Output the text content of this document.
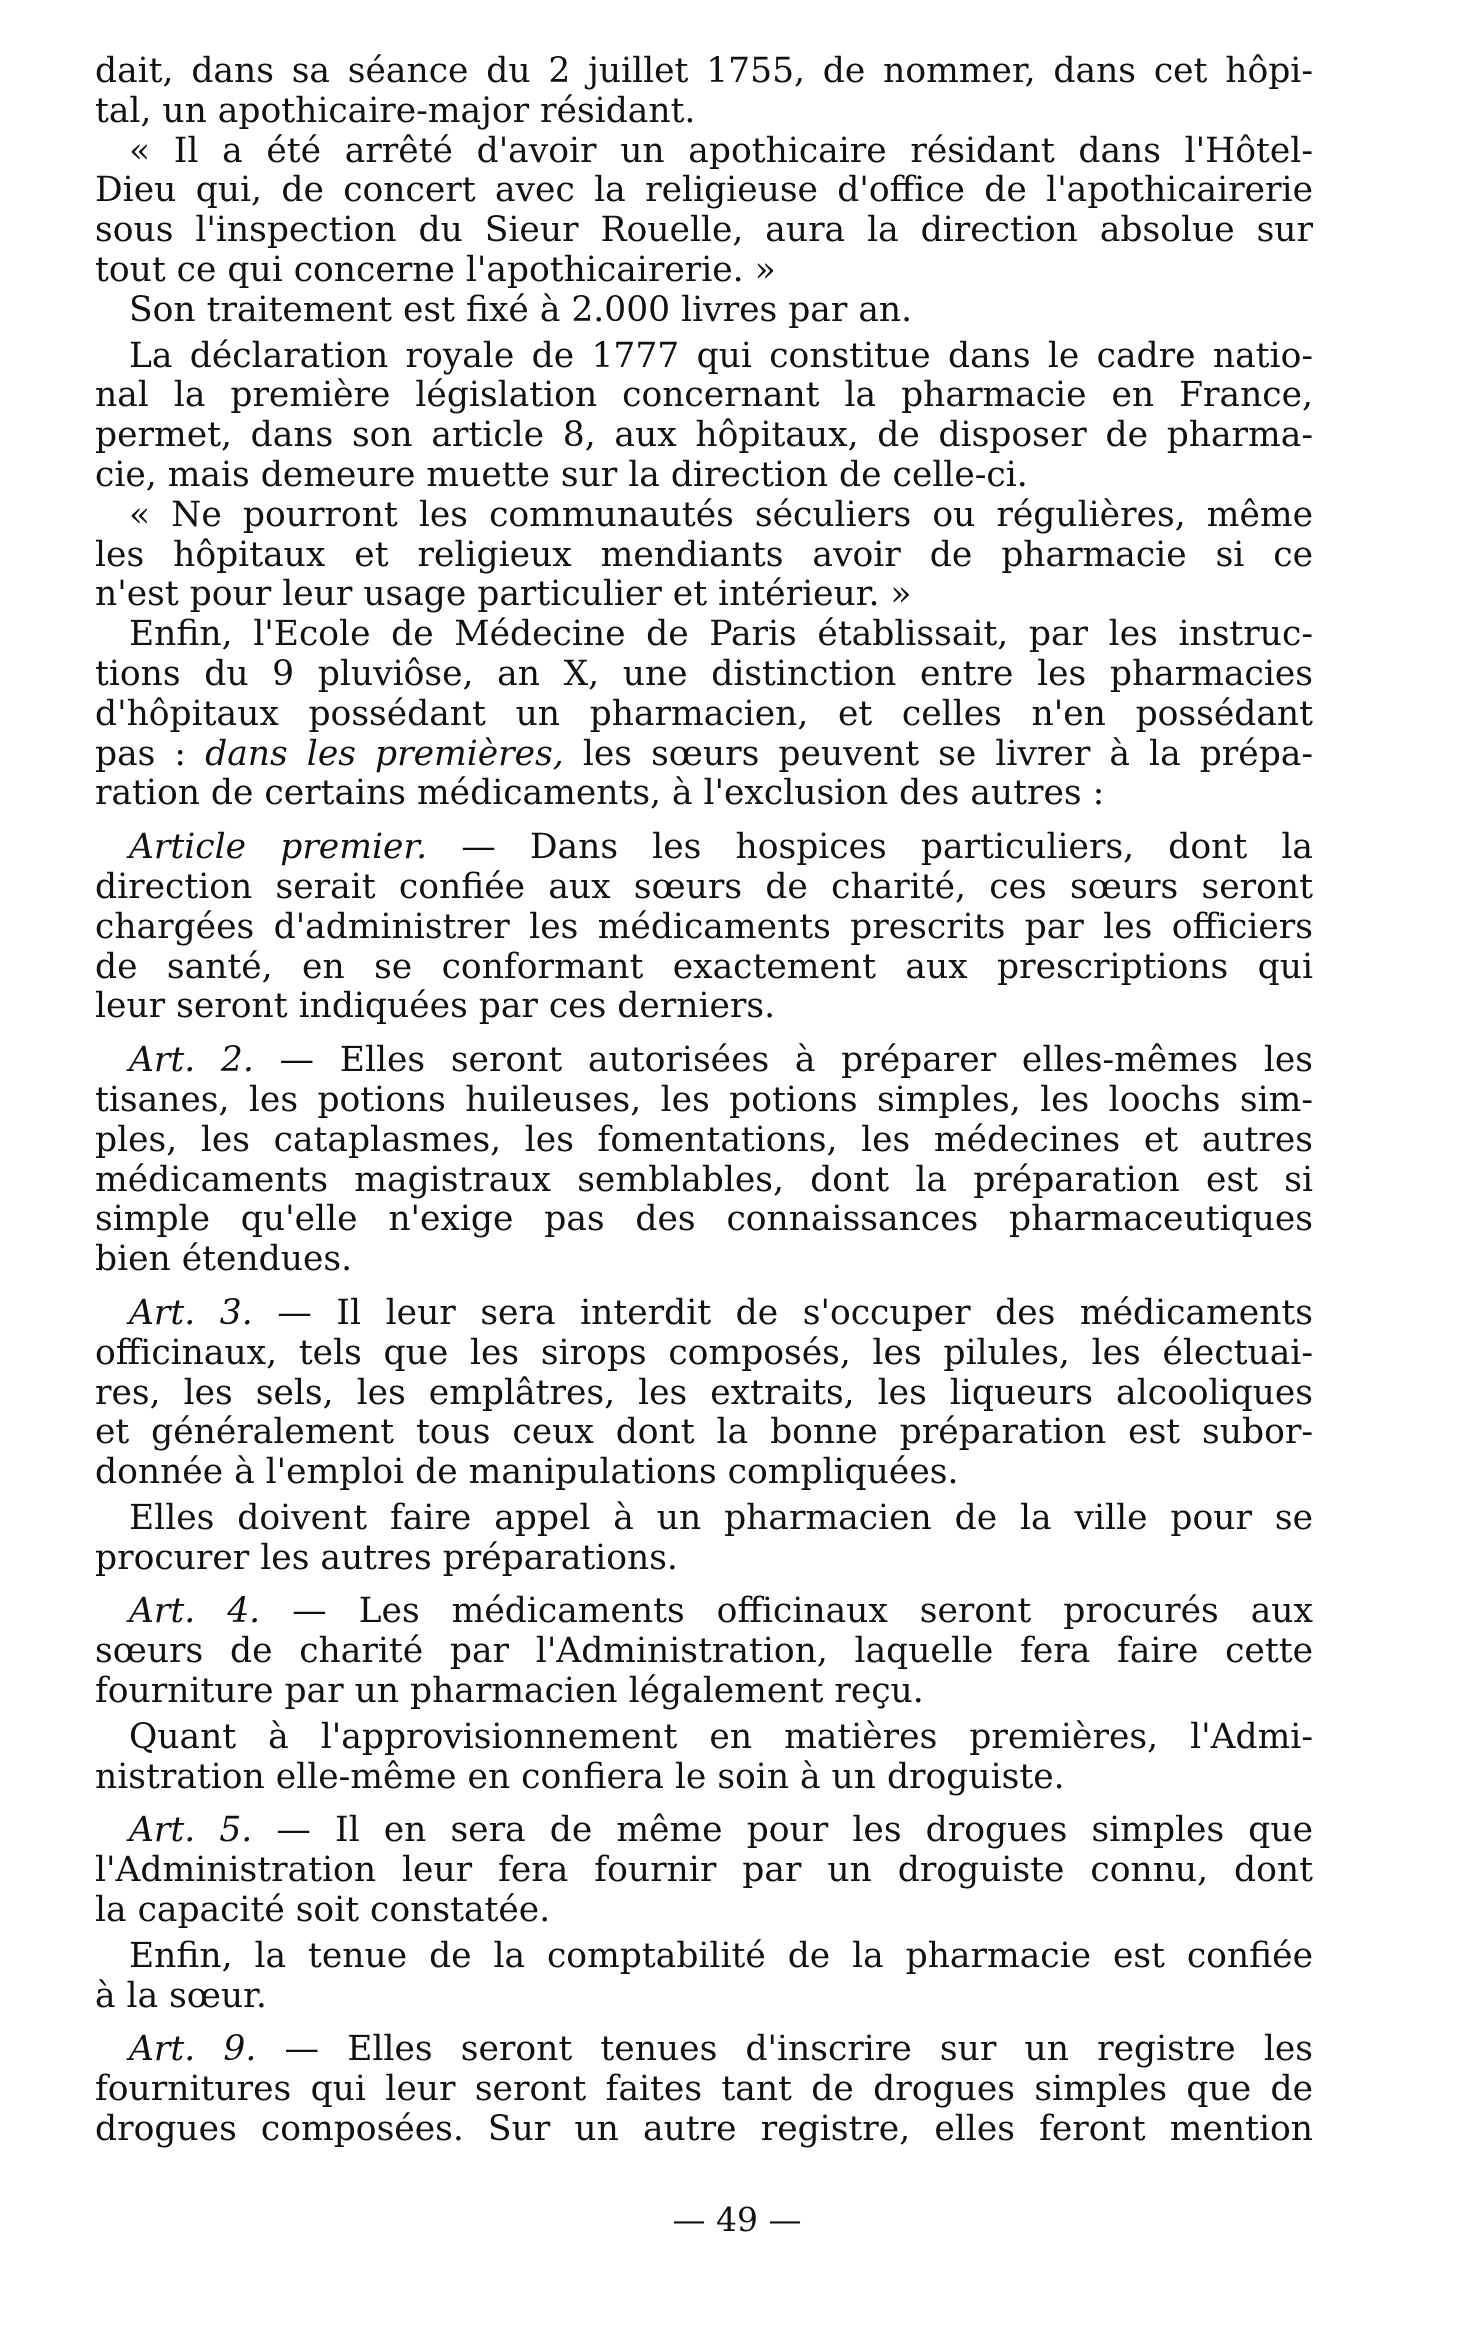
dait, dans sa séance du 2 juillet 1755, de nommer, dans cet hôpi-
tal, un apothicaire-major résidant.

« Il a été arrêté d'avoir un apothicaire résidant dans l'Hôtel-
Dieu qui, de concert avec la religieuse d'office de l'apothicairerie
sous l'inspection du Sieur Rouelle, aura la direction absolue sur
tout ce qui concerne l'apothicairerie. »

Son traitement est fixé à 2.000 livres par an.

La déclaration royale de 1777 qui constitue dans le cadre natio-
nal la première législation concernant la pharmacie en France,
permet, dans son article 8, aux hôpitaux, de disposer de pharma-
cie, mais demeure muette sur la direction de celle-ci.

« Ne pourront les communautés séculiers ou régulières, même
les hôpitaux et religieux mendiants avoir de pharmacie si ce
n'est pour leur usage particulier et intérieur. »

Enfin, l'Ecole de Médecine de Paris établissait, par les instruc-
tions du 9 pluviôse, an X, une distinction entre les pharmacies
d'hôpitaux possédant un pharmacien, et celles n'en possédant
pas : dans les premières, les sœurs peuvent se livrer à la prépa-
ration de certains médicaments, à l'exclusion des autres :

Article premier. — Dans les hospices particuliers, dont la
direction serait confiée aux sœurs de charité, ces sœurs seront
chargées d'administrer les médicaments prescrits par les officiers
de santé, en se conformant exactement aux prescriptions qui
leur seront indiquées par ces derniers.

Art. 2. — Elles seront autorisées à préparer elles-mêmes les
tisanes, les potions huileuses, les potions simples, les loochs sim-
ples, les cataplasmes, les fomentations, les médecines et autres
médicaments magistraux semblables, dont la préparation est si
simple qu'elle n'exige pas des connaissances pharmaceutiques
bien étendues.

Art. 3. — Il leur sera interdit de s'occuper des médicaments
officinaux, tels que les sirops composés, les pilules, les électuai-
res, les sels, les emplâtres, les extraits, les liqueurs alcooliques
et généralement tous ceux dont la bonne préparation est subor-
donnée à l'emploi de manipulations compliquées.

Elles doivent faire appel à un pharmacien de la ville pour se
procurer les autres préparations.

Art. 4. — Les médicaments officinaux seront procurés aux
sœurs de charité par l'Administration, laquelle fera faire cette
fourniture par un pharmacien légalement reçu.

Quant à l'approvisionnement en matières premières, l'Admi-
nistration elle-même en confiera le soin à un droguiste.

Art. 5. — Il en sera de même pour les drogues simples que
l'Administration leur fera fournir par un droguiste connu, dont
la capacité soit constatée.

Enfin, la tenue de la comptabilité de la pharmacie est confiée
à la sœur.

Art. 9. — Elles seront tenues d'inscrire sur un registre les
fournitures qui leur seront faites tant de drogues simples que de
drogues composées. Sur un autre registre, elles feront mention

— 49 —
